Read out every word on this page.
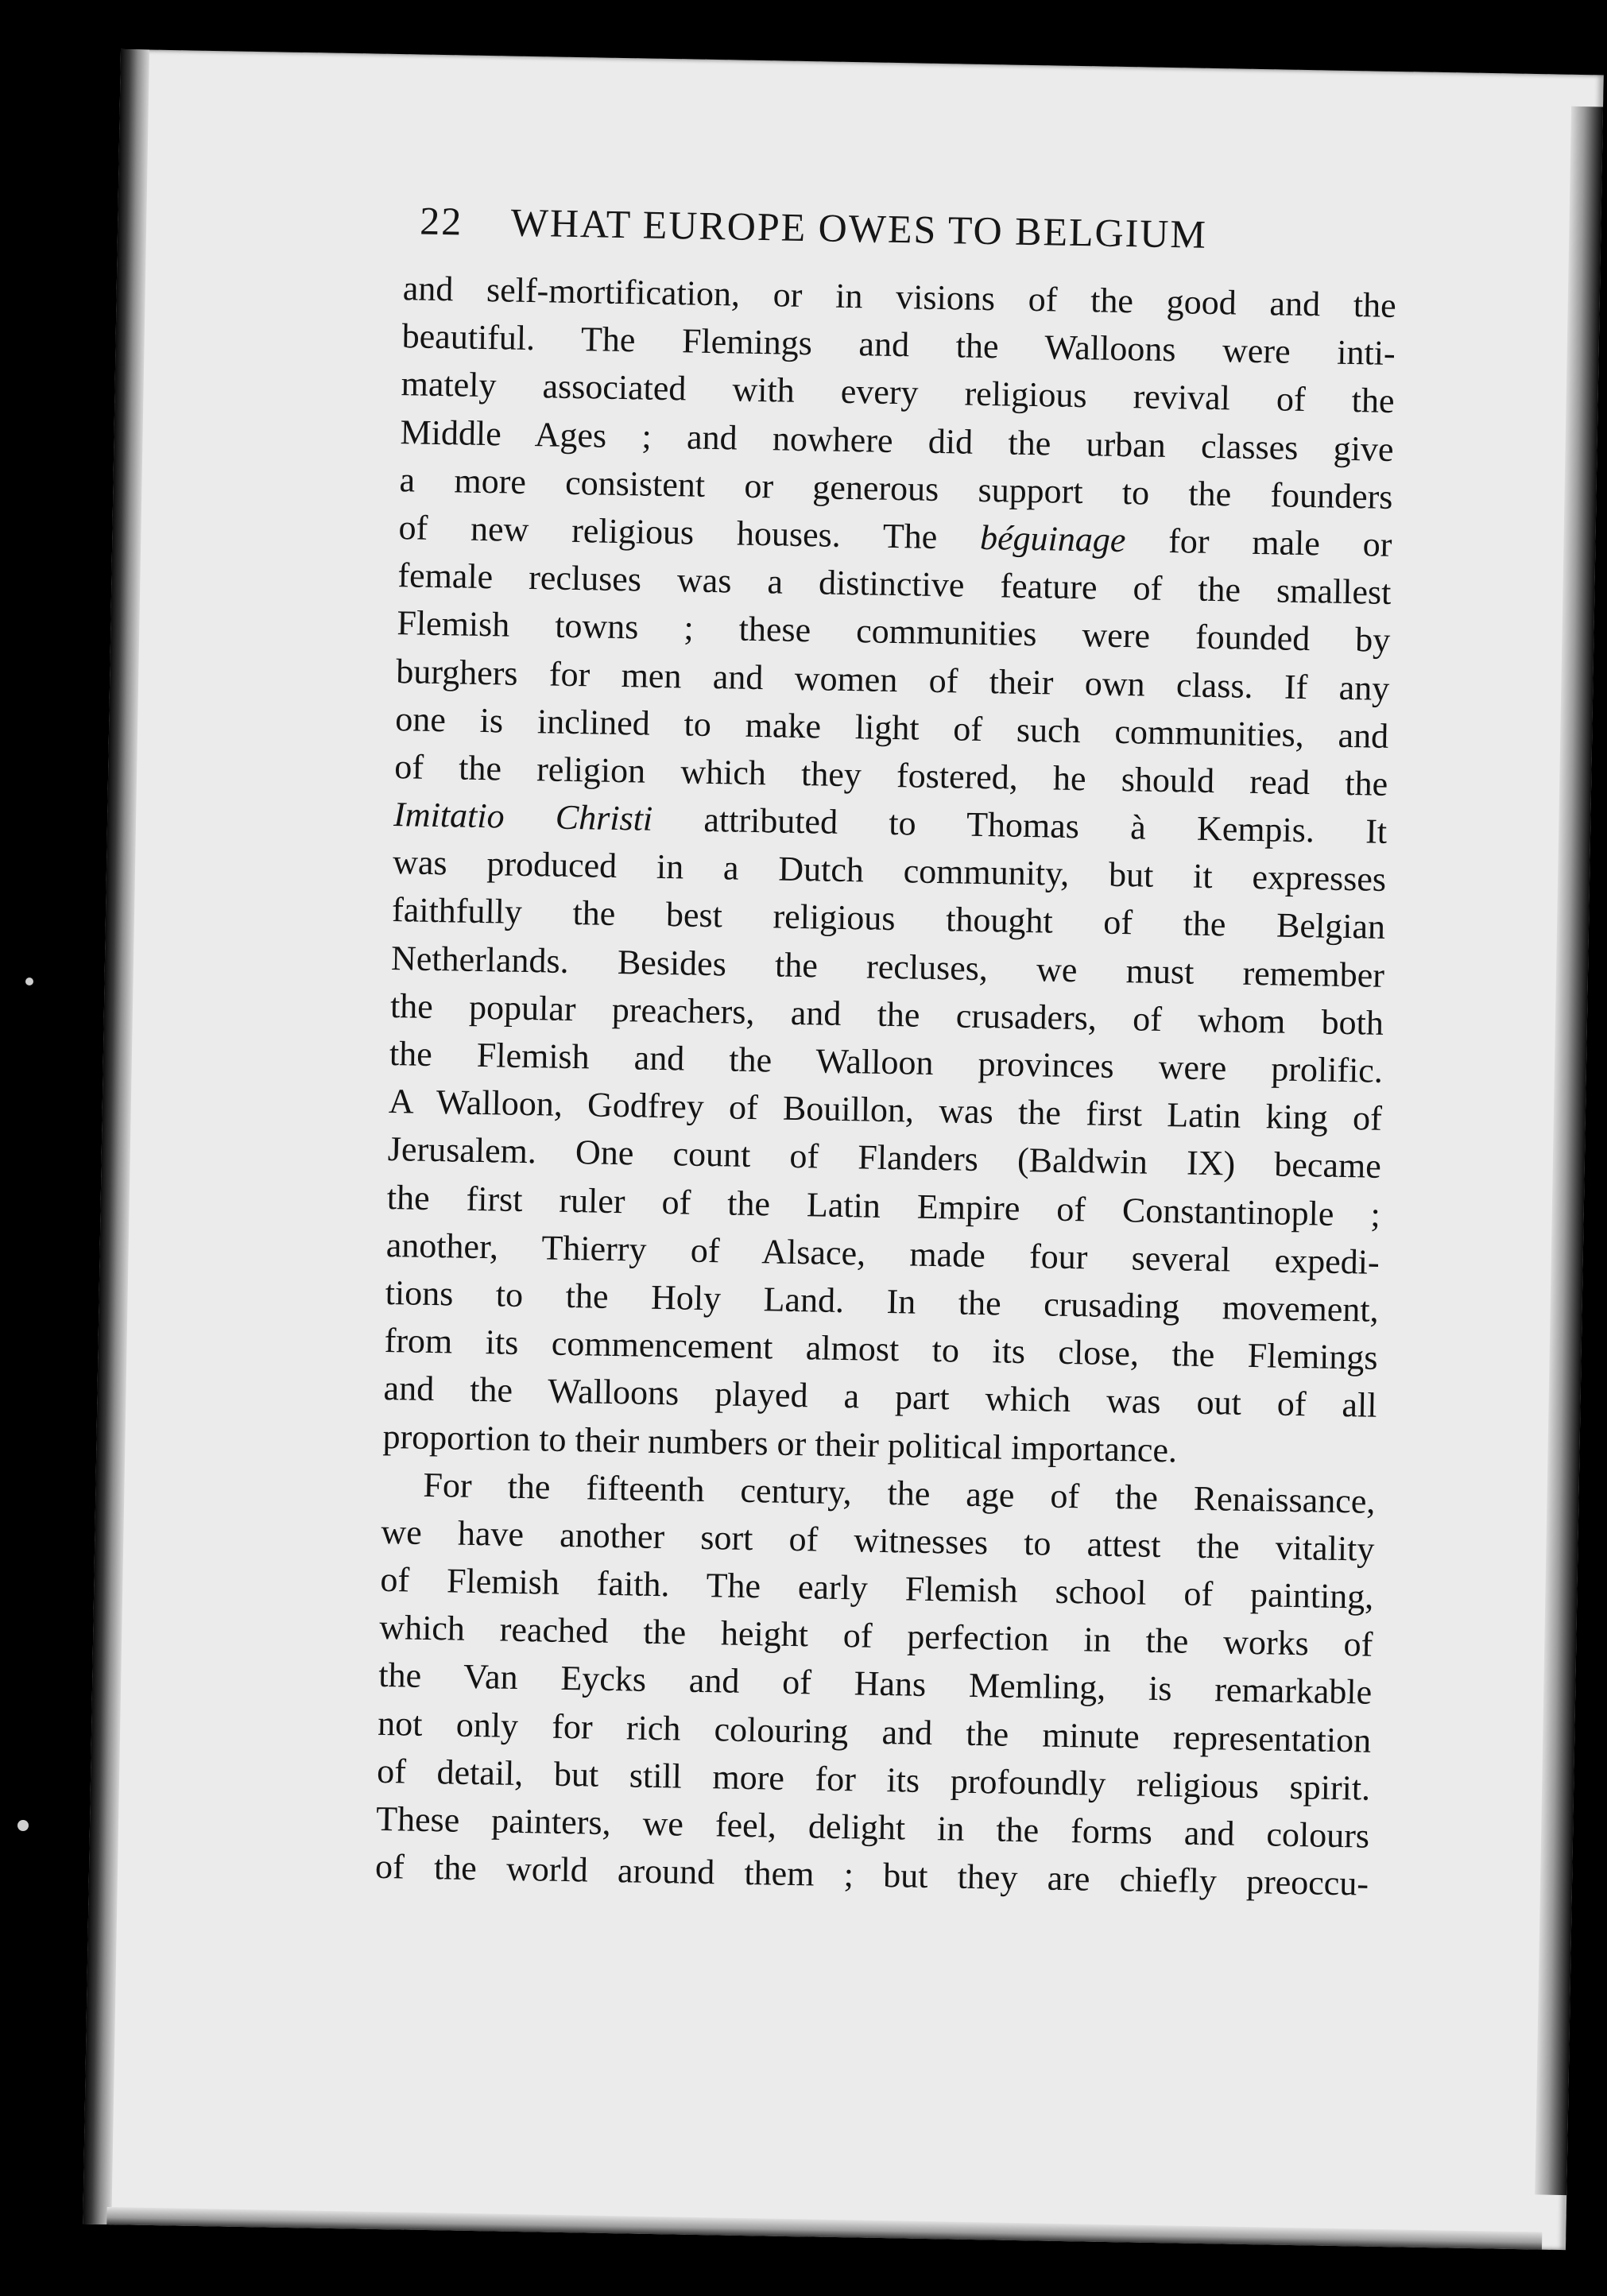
22 WHAT EUROPE OWES TO BELGIUM
and self-mortification, or in visions of the good and the
beautiful. The Flemings and the Walloons were inti-
mately associated with every religious revival of the
Middle Ages ; and nowhere did the urban classes give
a more consistent or generous support to the founders
of new religious houses. The béguinage for male or
female recluses was a distinctive feature of the smallest
Flemish towns ; these communities were founded by
burghers for men and women of their own class. If any
one is inclined to make light of such communities, and
of the religion which they fostered, he should read the
Imitatio Christi attributed to Thomas à Kempis. It
was produced in a Dutch community, but it expresses
faithfully the best religious thought of the Belgian
Netherlands. Besides the recluses, we must remember
the popular preachers, and the crusaders, of whom both
the Flemish and the Walloon provinces were prolific.
A Walloon, Godfrey of Bouillon, was the first Latin king of
Jerusalem. One count of Flanders (Baldwin IX) became
the first ruler of the Latin Empire of Constantinople ;
another, Thierry of Alsace, made four several expedi-
tions to the Holy Land. In the crusading movement,
from its commencement almost to its close, the Flemings
and the Walloons played a part which was out of all
proportion to their numbers or their political importance.
For the fifteenth century, the age of the Renaissance,
we have another sort of witnesses to attest the vitality
of Flemish faith. The early Flemish school of painting,
which reached the height of perfection in the works of
the Van Eycks and of Hans Memling, is remarkable
not only for rich colouring and the minute representation
of detail, but still more for its profoundly religious spirit.
These painters, we feel, delight in the forms and colours
of the world around them ; but they are chiefly preoccu-
